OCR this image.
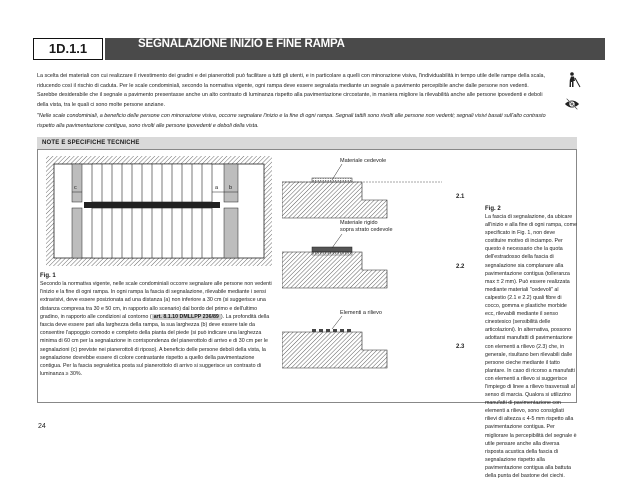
1D.1.1	SEGNALAZIONE INIZIO E FINE RAMPA
La scelta dei materiali con cui realizzare il rivestimento dei gradini e dei pianerottoli può facilitare a tutti gli utenti, e in particolare a quelli con minorazione visiva, l'individuabilità in tempo utile delle rampe della scala, riducendo così il rischio di caduta. Per le scale condominiali, secondo la normativa vigente, ogni rampa deve essere segnalata mediante un segnale a pavimento percepibile anche dalle persone non vedenti. Sarebbe desiderabile che il segnale a pavimento presentasse anche un alto contrasto di luminanza rispetto alla pavimentazione circostante, in maniera migliore la rilevabilità anche alle persone ipovedenti e deboli della vista, tra le quali ci sono molte persone anziane.
"Nelle scale condominiali, a beneficio delle persone con minorazione visiva, occorre segnalare l'inizio e la fine di ogni rampa. Segnali tattili sono rivolti alle persone non vedenti; segnali visivi basati sull'alto contrasto rispetto alla pavimentazione contigua, sono rivolti alle persone ipovedenti e deboli della vista.
NOTE E SPECIFICHE TECNICHE
c	a b
Fig. 1
Secondo la normativa vigente, nelle scale condominiali occorre segnalare alle persone non vedenti l'inizio e la fine di ogni rampa. In ogni rampa la fascia di segnalazione, rilevabile mediante i sensi extravisivi, deve essere posizionata ad una distanza (a) non inferiore a 30 cm (si suggerisce una distanza compresa tra 30 e 50 cm, in rapporto allo scenario) dal bordo del primo e dell'ultimo gradino, in rapporto alle condizioni al contorno ( art. 8.1.10 DMLLPP 236/89 ). La profondità della fascia deve essere pari alla larghezza della rampa, la sua larghezza (b) deve essere tale da consentire l'appoggio comodo e completo della pianta del piede (si può indicare una larghezza minima di 60 cm per la segnalazione in corrispondenza del pianerottolo di arrivo e di 30 cm per le segnalazioni (c) previste nei pianerottoli di riposo). A beneficio delle persone deboli della vista, la segnalazione dovrebbe essere di colore contrastante rispetto a quello della pavimentazione contigua. Per la fascia segnaletica posta sul pianerottolo di arrivo si suggerisce un contrasto di luminanza ≥ 30%.
Materiale cedevole
2.1
Materiale rigido
sopra strato cedevole
2.2
Elementi a rilievo
2.3
Fig. 2
La fascia di segnalazione, da ubicare all'inizio e alla fine di ogni rampa, come specificato in Fig. 1, non deve costituire motivo di inciampo. Per questo è necessario che la quota dell'estradosso della fascia di segnalazione sia complanare alla pavimentazione contigua (tolleranza max ± 2 mm). Può essere realizzata mediante materiali "cedevoli" al calpestio (2.1 e 2.2) quali fibre di cocco, gomma e plastiche morbide ecc, rilevabili mediante il senso cinestesico (sensibilità delle articolazioni). In alternativa, possono adottarsi manufatti di pavimentazione con elementi a rilievo (2.3) che, in generale, risultano ben rilevabili dalle persone cieche mediante il tatto plantare. In caso di ricorso a manufatti con elementi a rilievo si suggerisce l'impiego di linee a rilievo trasversali al senso di marcia. Qualora si utilizzino manufatti di pavimentazione con elementi a rilievo, sono consigliati rilievi di altezza ≤ 4-5 mm rispetto alla pavimentazione contigua. Per migliorare la percepibilità del segnale è utile pensare anche alla diversa risposta acustica della fascia di segnalazione rispetto alla pavimentazione contigua alla battuta della punta del bastone dei ciechi.
24
